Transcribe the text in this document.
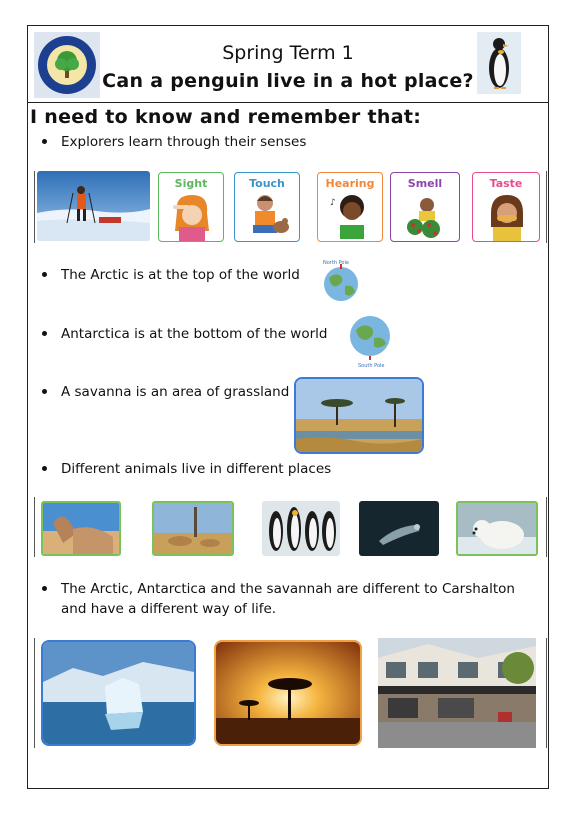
Spring Term 1
Can a penguin live in a hot place?
I need to know and remember that:
Explorers learn through their senses
Sight	Touch	Hearing
♪
Smell	Taste
The Arctic is at the top of the world
North Pole
Antarctica is at the bottom of the world
South Pole
A savanna is an area of grassland
Different animals live in different places
The Arctic, Antarctica and the savannah are different to Carshalton
and have a different way of life.
